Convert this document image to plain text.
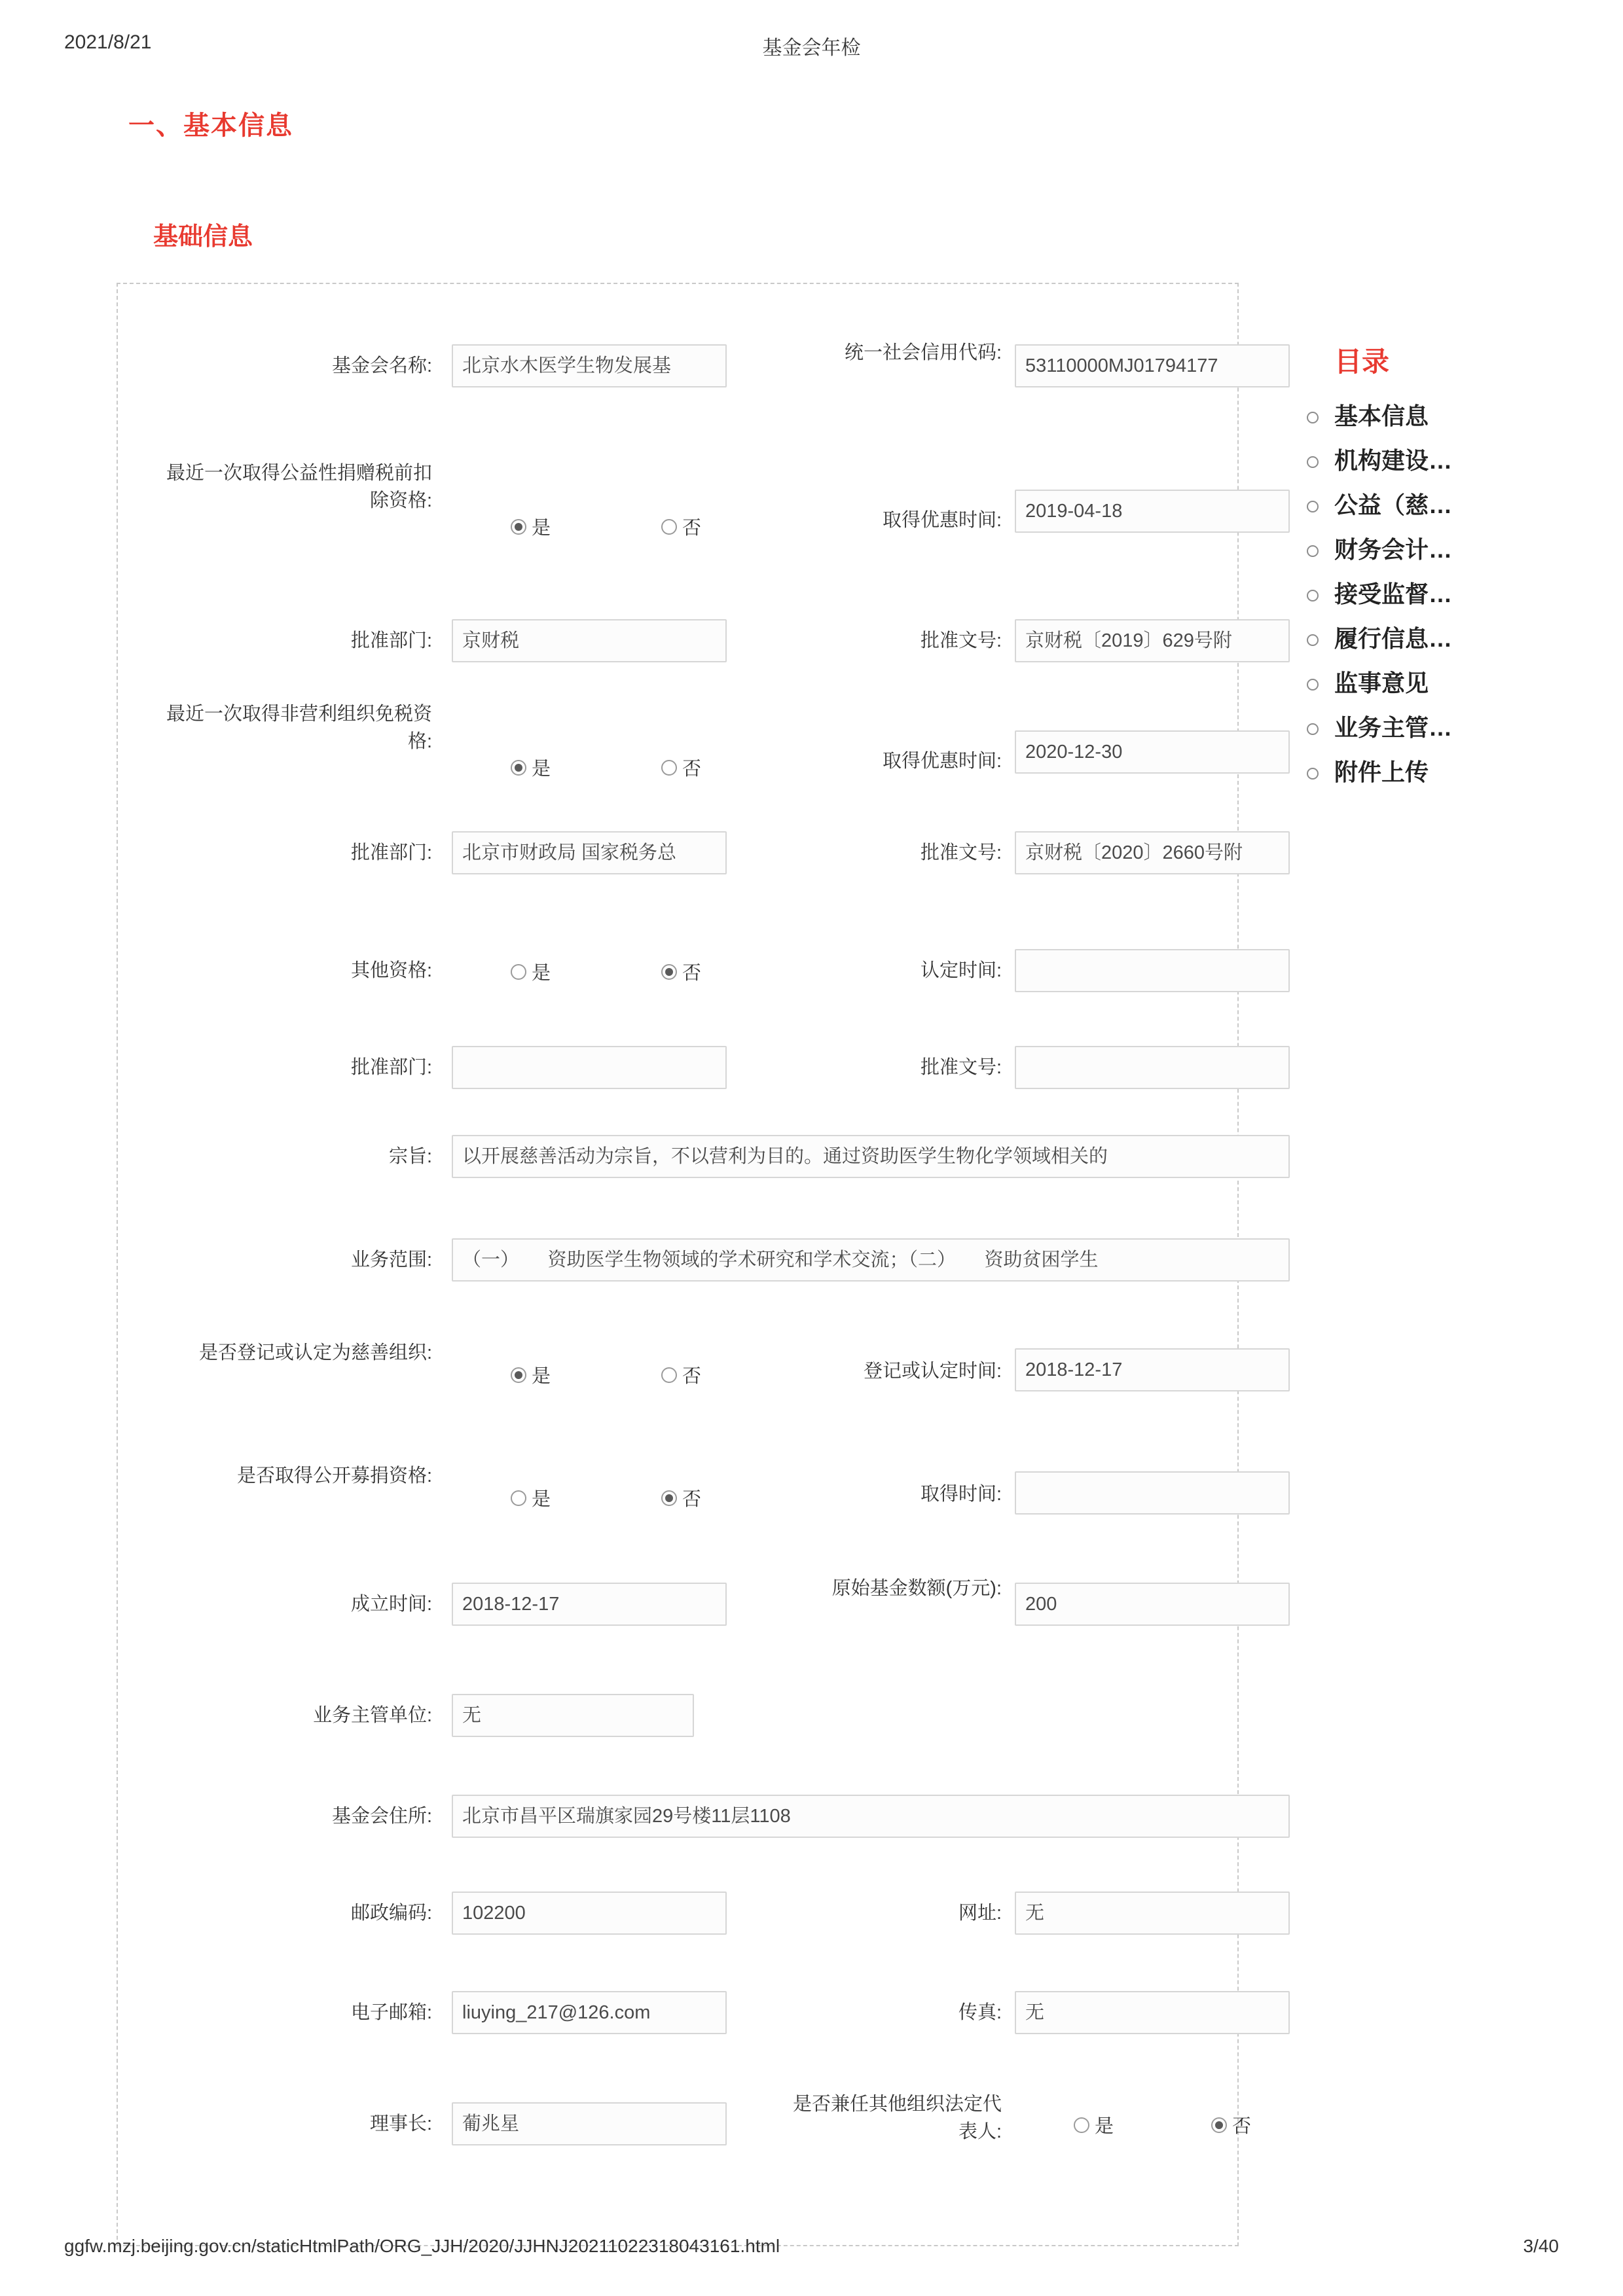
2021/8/21	基金会年检
一、基本信息
基础信息
基金会名称:	北京水木医学生物发展基
统一社会信用代码:
53110000MJ01794177
最近一次取得公益性捐赠税前扣除资格:
是	否	取得优惠时间:	2019-04-18
批准部门:	京财税	批准文号:	京财税〔2019〕629号附
最近一次取得非营利组织免税资格:
是	否	取得优惠时间:	2020-12-30
批准部门:	北京市财政局 国家税务总	批准文号:	京财税〔2020〕2660号附
其他资格:	是	否	认定时间:
批准部门:	批准文号:
宗旨:	以开展慈善活动为宗旨，不以营利为目的。通过资助医学生物化学领域相关的
业务范围:	（一）　　资助医学生物领域的学术研究和学术交流；（二）　　资助贫困学生
是否登记或认定为慈善组织:
是	否	登记或认定时间:	2018-12-17
是否取得公开募捐资格:
是	否	取得时间:
成立时间:	2018-12-17
原始基金数额(万元):
200
业务主管单位:	无
基金会住所:	北京市昌平区瑞旗家园29号楼11层1108
邮政编码:	102200	网址:	无
电子邮箱:	liuying_217@126.com	传真:	无
理事长:	葡兆星
是否兼任其他组织法定代表人:	是	否
目录
基本信息
机构建设…
公益（慈…
财务会计…
接受监督…
履行信息…
监事意见
业务主管…
附件上传
ggfw.mzj.beijing.gov.cn/staticHtmlPath/ORG_JJH/2020/JJHNJ20211022318043161.html	3/40
